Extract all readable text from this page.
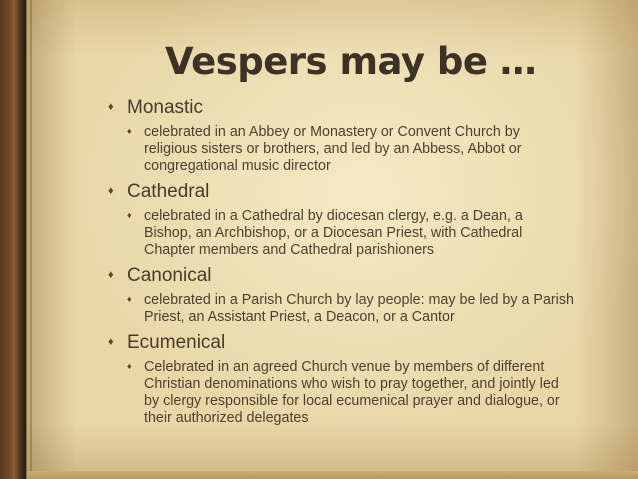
Vespers may be …
♦ Monastic
♦ celebrated in an Abbey or Monastery or Convent Church by religious sisters or brothers, and led by an Abbess, Abbot or congregational music director
♦ Cathedral
♦ celebrated in a Cathedral by diocesan clergy, e.g. a Dean, a Bishop, an Archbishop, or a Diocesan Priest, with Cathedral Chapter members and Cathedral parishioners
♦ Canonical
♦ celebrated in a Parish Church by lay people: may be led by a Parish Priest, an Assistant Priest, a Deacon, or a Cantor
♦ Ecumenical
♦ Celebrated in an agreed Church venue by members of different Christian denominations who wish to pray together, and jointly led by clergy responsible for local ecumenical prayer and dialogue, or their authorized delegates
